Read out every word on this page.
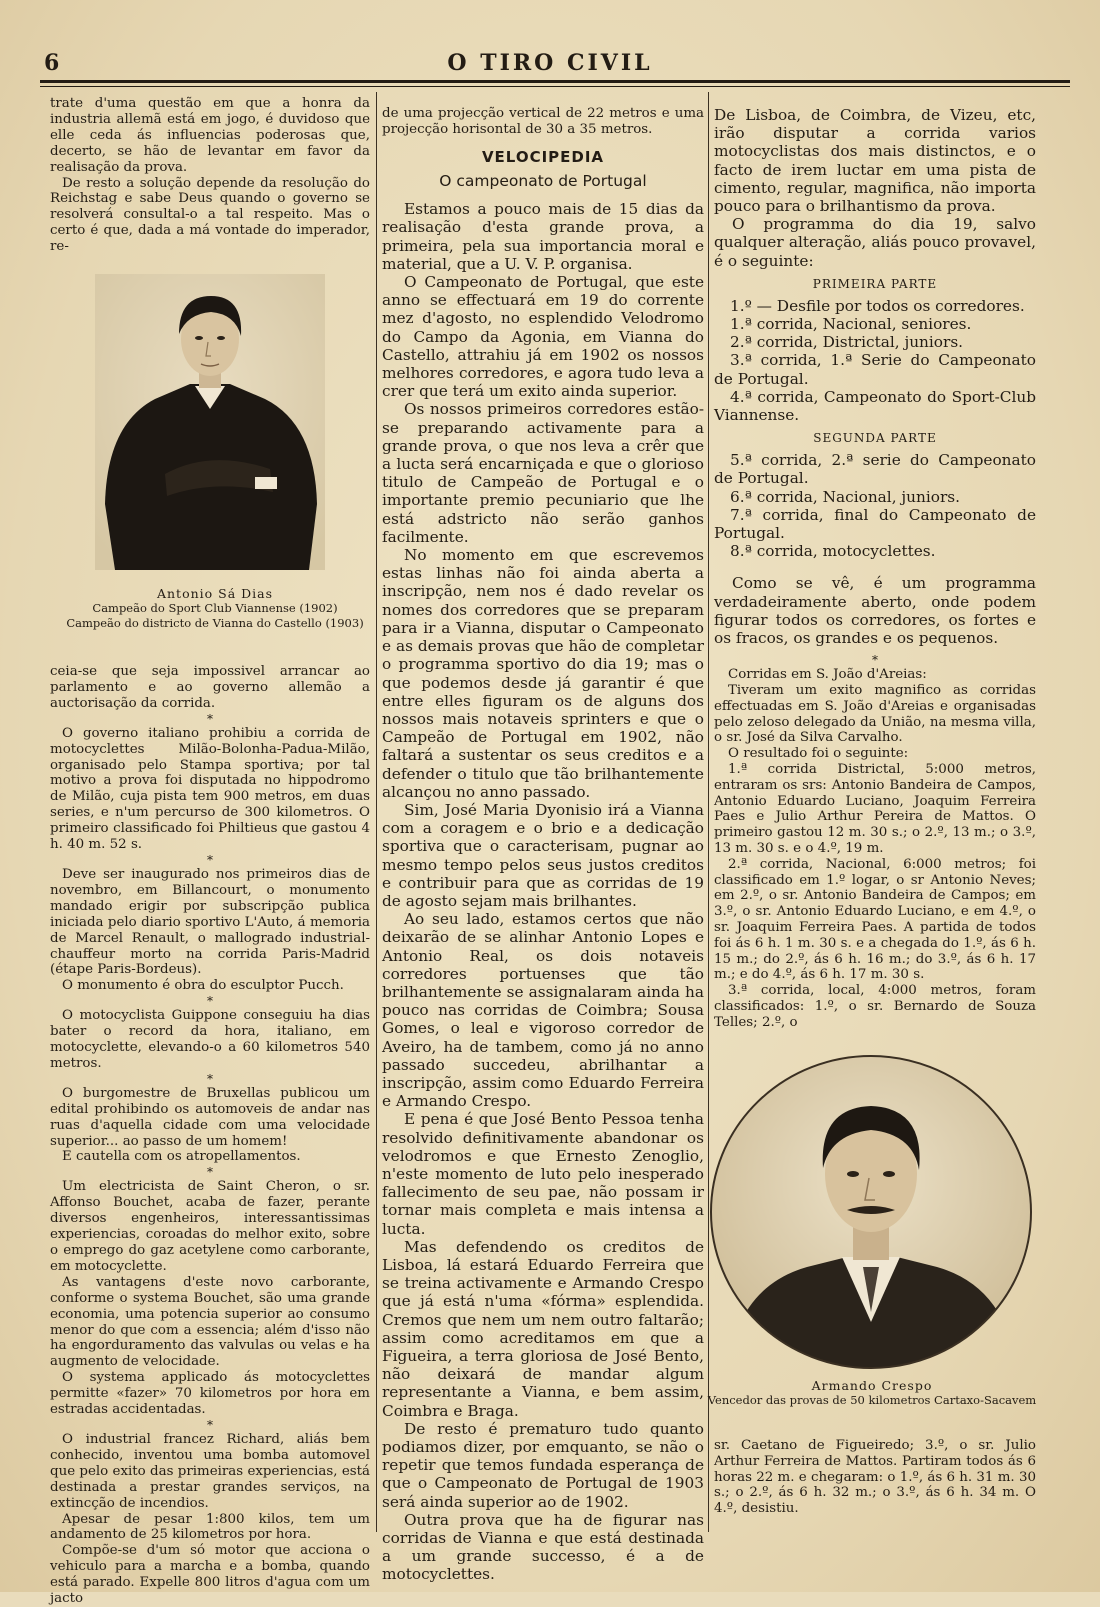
6	O TIRO CIVIL

trate d'uma questão em que a honra da industria allemã está em jogo, é duvidoso que elle ceda ás influencias poderosas que, decerto, se hão de levantar em favor da realisação da prova.

De resto a solução depende da resolução do Reichstag e sabe Deus quando o governo se resolverá consultal-o a tal respeito. Mas o certo é que, dada a má vontade do imperador, re-

Antonio Sá Dias
Campeão do Sport Club Viannense (1902)
Campeão do districto de Vianna do Castello (1903)

ceia-se que seja impossivel arrancar ao parlamento e ao governo allemão a auctorisação da corrida.

*

O governo italiano prohibiu a corrida de motocyclettes Milão-Bolonha-Padua-Milão, organisado pelo Stampa sportiva; por tal motivo a prova foi disputada no hippodromo de Milão, cuja pista tem 900 metros, em duas series, e n'um percurso de 300 kilometros. O primeiro classificado foi Philtieus que gastou 4 h. 40 m. 52 s.

*

Deve ser inaugurado nos primeiros dias de novembro, em Billancourt, o monumento mandado erigir por subscripção publica iniciada pelo diario sportivo L'Auto, á memoria de Marcel Renault, o mallogrado industrial-chauffeur morto na corrida Paris-Madrid (étape Paris-Bordeus).

O monumento é obra do esculptor Pucch.

*

O motocyclista Guippone conseguiu ha dias bater o record da hora, italiano, em motocyclette, elevando-o a 60 kilometros 540 metros.

*

O burgomestre de Bruxellas publicou um edital prohibindo os automoveis de andar nas ruas d'aquella cidade com uma velocidade superior... ao passo de um homem!

E cautella com os atropellamentos.

*

Um electricista de Saint Cheron, o sr. Affonso Bouchet, acaba de fazer, perante diversos engenheiros, interessantissimas experiencias, coroadas do melhor exito, sobre o emprego do gaz acetylene como carborante, em motocyclette.

As vantagens d'este novo carborante, conforme o systema Bouchet, são uma grande economia, uma potencia superior ao consumo menor do que com a essencia; além d'isso não ha engorduramento das valvulas ou velas e ha augmento de velocidade.

O systema applicado ás motocyclettes permitte «fazer» 70 kilometros por hora em estradas accidentadas.

*

O industrial francez Richard, aliás bem conhecido, inventou uma bomba automovel que pelo exito das primeiras experiencias, está destinada a prestar grandes serviços, na extincção de incendios.

Apesar de pesar 1:800 kilos, tem um andamento de 25 kilometros por hora.

Compõe-se d'um só motor que acciona o vehiculo para a marcha e a bomba, quando está parado. Expelle 800 litros d'agua com um jacto

de uma projecção vertical de 22 metros e uma projecção horisontal de 30 a 35 metros.

VELOCIPEDIA
O campeonato de Portugal

Estamos a pouco mais de 15 dias da realisação d'esta grande prova, a primeira, pela sua importancia moral e material, que a U. V. P. organisa.

O Campeonato de Portugal, que este anno se effectuará em 19 do corrente mez d'agosto, no esplendido Velodromo do Campo da Agonia, em Vianna do Castello, attrahiu já em 1902 os nossos melhores corredores, e agora tudo leva a crer que terá um exito ainda superior.

Os nossos primeiros corredores estão-se preparando activamente para a grande prova, o que nos leva a crêr que a lucta será encarniçada e que o glorioso titulo de Campeão de Portugal e o importante premio pecuniario que lhe está adstricto não serão ganhos facilmente.

No momento em que escrevemos estas linhas não foi ainda aberta a inscripção, nem nos é dado revelar os nomes dos corredores que se preparam para ir a Vianna, disputar o Campeonato e as demais provas que hão de completar o programma sportivo do dia 19; mas o que podemos desde já garantir é que entre elles figuram os de alguns dos nossos mais notaveis sprinters e que o Campeão de Portugal em 1902, não faltará a sustentar os seus creditos e a defender o titulo que tão brilhantemente alcançou no anno passado.

Sim, José Maria Dyonisio irá a Vianna com a coragem e o brio e a dedicação sportiva que o caracterisam, pugnar ao mesmo tempo pelos seus justos creditos e contribuir para que as corridas de 19 de agosto sejam mais brilhantes.

Ao seu lado, estamos certos que não deixarão de se alinhar Antonio Lopes e Antonio Real, os dois notaveis corredores portuenses que tão brilhantemente se assignalaram ainda ha pouco nas corridas de Coimbra; Sousa Gomes, o leal e vigoroso corredor de Aveiro, ha de tambem, como já no anno passado succedeu, abrilhantar a inscripção, assim como Eduardo Ferreira e Armando Crespo.

E pena é que José Bento Pessoa tenha resolvido definitivamente abandonar os velodromos e que Ernesto Zenoglio, n'este momento de luto pelo inesperado fallecimento de seu pae, não possam ir tornar mais completa e mais intensa a lucta.

Mas defendendo os creditos de Lisboa, lá estará Eduardo Ferreira que se treina activamente e Armando Crespo que já está n'uma «fórma» esplendida. Cremos que nem um nem outro faltarão; assim como acreditamos em que a Figueira, a terra gloriosa de José Bento, não deixará de mandar algum representante a Vianna, e bem assim, Coimbra e Braga.

De resto é prematuro tudo quanto podiamos dizer, por emquanto, se não o repetir que temos fundada esperança de que o Campeonato de Portugal de 1903 será ainda superior ao de 1902.

Outra prova que ha de figurar nas corridas de Vianna e que está destinada a um grande successo, é a de motocyclettes.

De Lisboa, de Coimbra, de Vizeu, etc, irão disputar a corrida varios motocyclistas dos mais distinctos, e o facto de irem luctar em uma pista de cimento, regular, magnifica, não importa pouco para o brilhantismo da prova.

O programma do dia 19, salvo qualquer alteração, aliás pouco provavel, é o seguinte:

PRIMEIRA PARTE

1.º — Desfile por todos os corredores.

1.ª corrida, Nacional, seniores.

2.ª corrida, Districtal, juniors.

3.ª corrida, 1.ª Serie do Campeonato de Portugal.

4.ª corrida, Campeonato do Sport-Club Viannense.

SEGUNDA PARTE

5.ª corrida, 2.ª serie do Campeonato de Portugal.

6.ª corrida, Nacional, juniors.

7.ª corrida, final do Campeonato de Portugal.

8.ª corrida, motocyclettes.

Como se vê, é um programma verdadeiramente aberto, onde podem figurar todos os corredores, os fortes e os fracos, os grandes e os pequenos.

*

Corridas em S. João d'Areias:

Tiveram um exito magnifico as corridas effectuadas em S. João d'Areias e organisadas pelo zeloso delegado da União, na mesma villa, o sr. José da Silva Carvalho.

O resultado foi o seguinte:

1.ª corrida Districtal, 5:000 metros, entraram os srs: Antonio Bandeira de Campos, Antonio Eduardo Luciano, Joaquim Ferreira Paes e Julio Arthur Pereira de Mattos. O primeiro gastou 12 m. 30 s.; o 2.º, 13 m.; o 3.º, 13 m. 30 s. e o 4.º, 19 m.

2.ª corrida, Nacional, 6:000 metros; foi classificado em 1.º logar, o sr Antonio Neves; em 2.º, o sr. Antonio Bandeira de Campos; em 3.º, o sr. Antonio Eduardo Luciano, e em 4.º, o sr. Joaquim Ferreira Paes. A partida de todos foi ás 6 h. 1 m. 30 s. e a chegada do 1.º, ás 6 h. 15 m.; do 2.º, ás 6 h. 16 m.; do 3.º, ás 6 h. 17 m.; e do 4.º, ás 6 h. 17 m. 30 s.

3.ª corrida, local, 4:000 metros, foram classificados: 1.º, o sr. Bernardo de Souza Telles; 2.º, o

Armando Crespo
Vencedor das provas de 50 kilometros Cartaxo-Sacavem

sr. Caetano de Figueiredo; 3.º, o sr. Julio Arthur Ferreira de Mattos. Partiram todos ás 6 horas 22 m. e chegaram: o 1.º, ás 6 h. 31 m. 30 s.; o 2.º, ás 6 h. 32 m.; o 3.º, ás 6 h. 34 m. O 4.º, desistiu.
